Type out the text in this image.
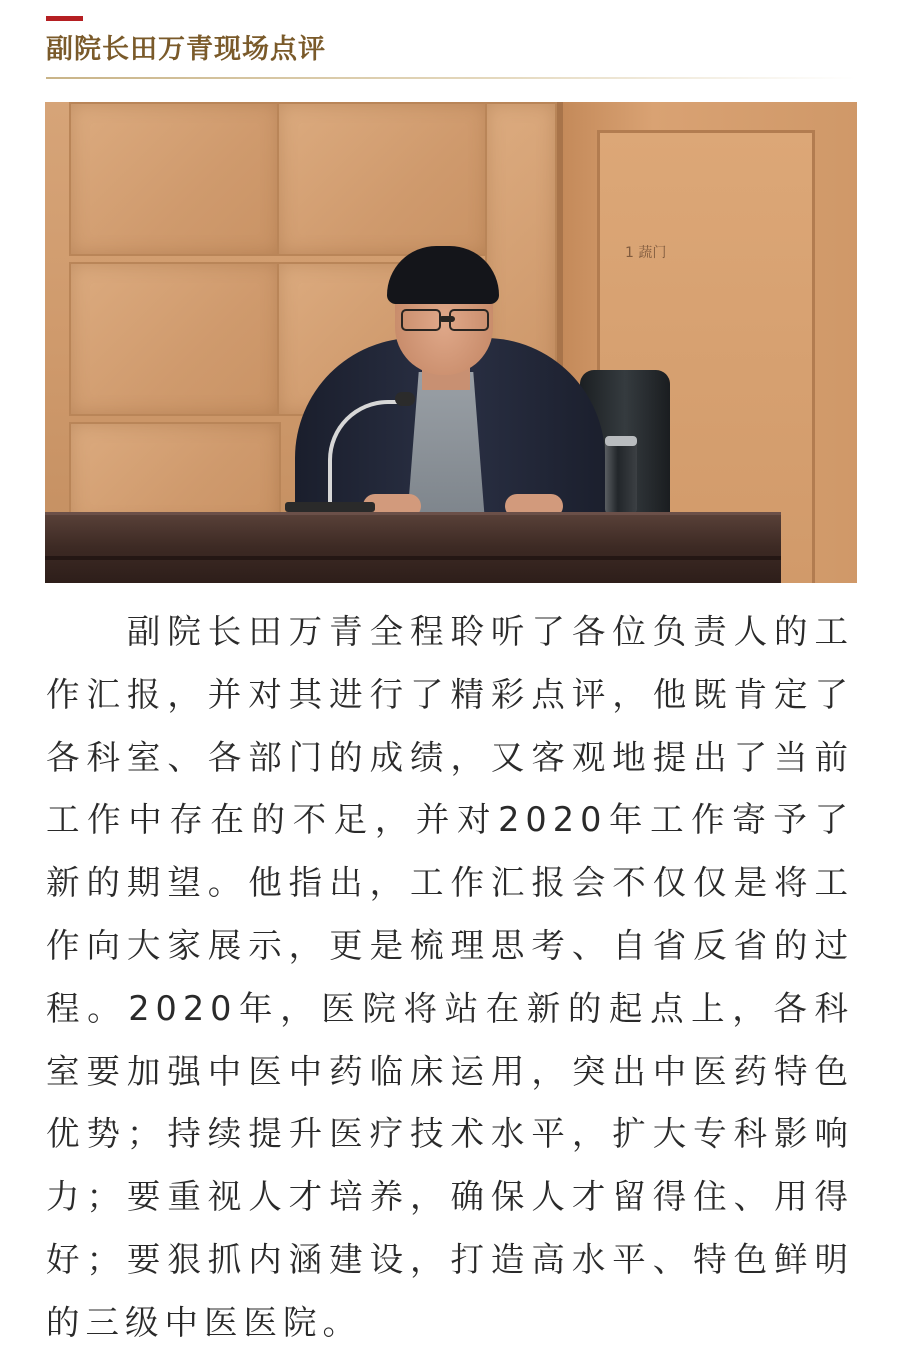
副院长田万青现场点评
1 蔬门
　　副院长田万青全程聆听了各位负责人的工
作汇报，并对其进行了精彩点评，他既肯定了
各科室、各部门的成绩，又客观地提出了当前
工作中存在的不足，并对2020年工作寄予了
新的期望。他指出，工作汇报会不仅仅是将工
作向大家展示，更是梳理思考、自省反省的过
程。2020年，医院将站在新的起点上，各科
室要加强中医中药临床运用，突出中医药特色
优势；持续提升医疗技术水平，扩大专科影响
力；要重视人才培养，确保人才留得住、用得
好；要狠抓内涵建设，打造高水平、特色鲜明
的三级中医医院。
